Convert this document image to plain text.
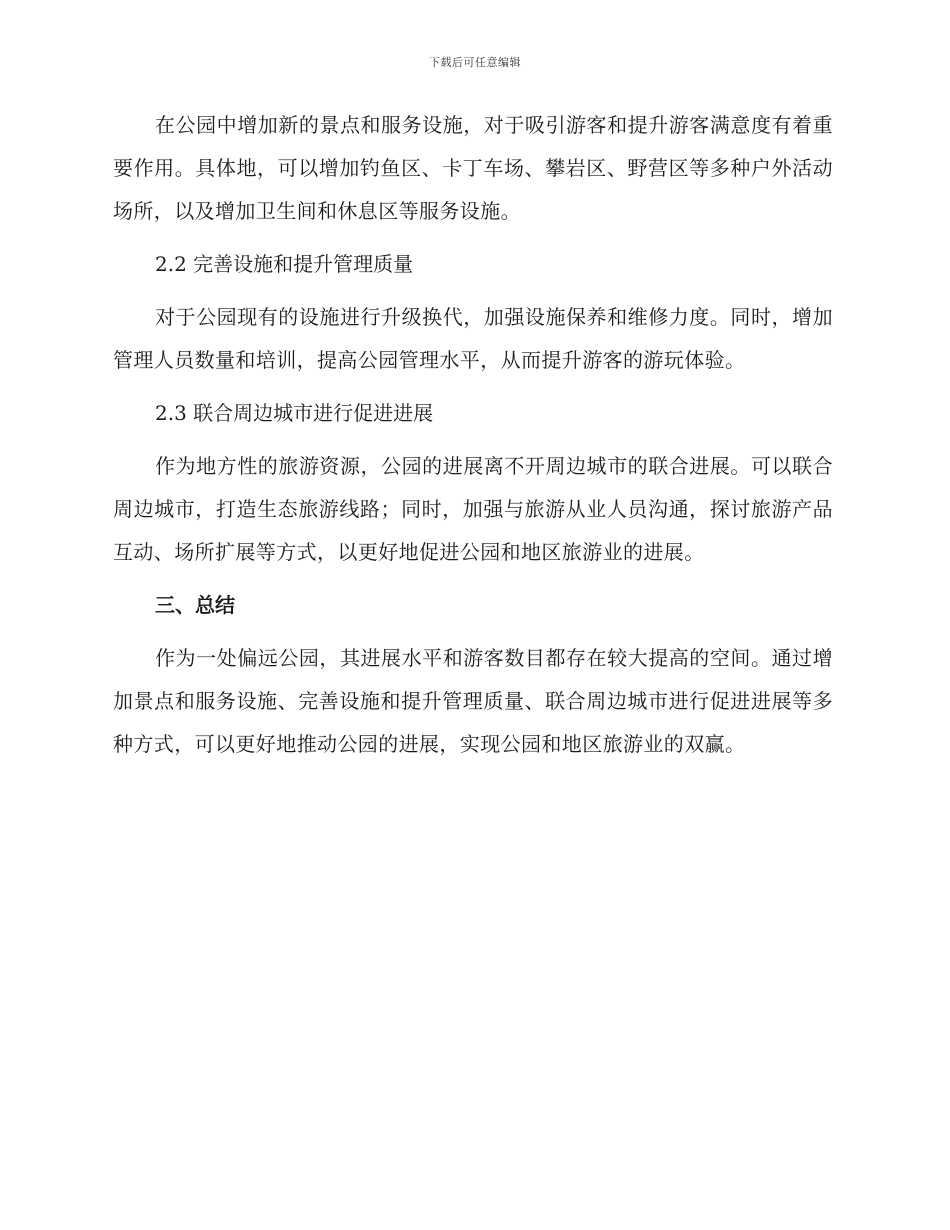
下载后可任意编辑

在公园中增加新的景点和服务设施，对于吸引游客和提升游客满意度有着重要作用。具体地，可以增加钓鱼区、卡丁车场、攀岩区、野营区等多种户外活动场所，以及增加卫生间和休息区等服务设施。

2.2 完善设施和提升管理质量

对于公园现有的设施进行升级换代，加强设施保养和维修力度。同时，增加管理人员数量和培训，提高公园管理水平，从而提升游客的游玩体验。

2.3 联合周边城市进行促进进展

作为地方性的旅游资源，公园的进展离不开周边城市的联合进展。可以联合周边城市，打造生态旅游线路；同时，加强与旅游从业人员沟通，探讨旅游产品互动、场所扩展等方式，以更好地促进公园和地区旅游业的进展。

三、总结

作为一处偏远公园，其进展水平和游客数目都存在较大提高的空间。通过增加景点和服务设施、完善设施和提升管理质量、联合周边城市进行促进进展等多种方式，可以更好地推动公园的进展，实现公园和地区旅游业的双赢。
